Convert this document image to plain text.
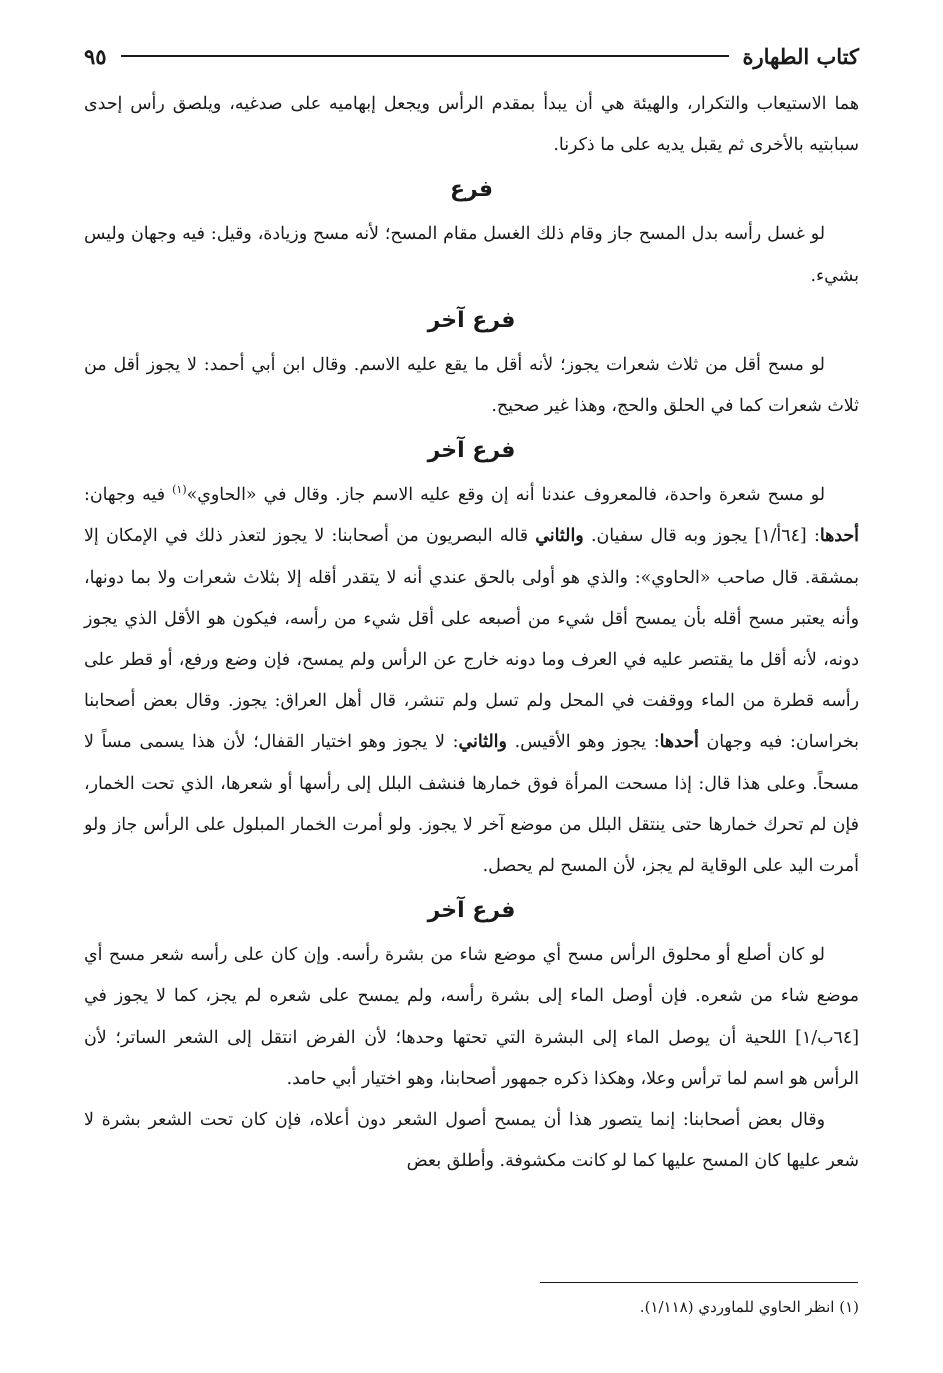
كتاب الطهارة
٩٥

هما الاستيعاب والتكرار، والهيئة هي أن يبدأ بمقدم الرأس ويجعل إبهاميه على صدغيه، ويلصق رأس إحدى سبابتيه بالأخرى ثم يقبل يديه على ما ذكرنا.

فرع

لو غسل رأسه بدل المسح جاز وقام ذلك الغسل مقام المسح؛ لأنه مسح وزيادة، وقيل: فيه وجهان وليس بشيء.

فرع آخر

لو مسح أقل من ثلاث شعرات يجوز؛ لأنه أقل ما يقع عليه الاسم. وقال ابن أبي أحمد: لا يجوز أقل من ثلاث شعرات كما في الحلق والحج، وهذا غير صحيح.

فرع آخر

لو مسح شعرة واحدة، فالمعروف عندنا أنه إن وقع عليه الاسم جاز. وقال في «الحاوي»$^{(١)}$ فيه وجهان: أحدها: [٦٤أ/١] يجوز وبه قال سفيان. والثاني قاله البصريون من أصحابنا: لا يجوز لتعذر ذلك في الإمكان إلا بمشقة. قال صاحب «الحاوي»: والذي هو أولى بالحق عندي أنه لا يتقدر أقله إلا بثلاث شعرات ولا بما دونها، وأنه يعتبر مسح أقله بأن يمسح أقل شيء من أصبعه على أقل شيء من رأسه، فيكون هو الأقل الذي يجوز دونه، لأنه أقل ما يقتصر عليه في العرف وما دونه خارج عن الرأس ولم يمسح، فإن وضع ورفع، أو قطر على رأسه قطرة من الماء ووقفت في المحل ولم تسل ولم تنشر، قال أهل العراق: يجوز. وقال بعض أصحابنا بخراسان: فيه وجهان أحدها: يجوز وهو الأقيس. والثاني: لا يجوز وهو اختيار القفال؛ لأن هذا يسمى مساً لا مسحاً. وعلى هذا قال: إذا مسحت المرأة فوق خمارها فنشف البلل إلى رأسها أو شعرها، الذي تحت الخمار، فإن لم تحرك خمارها حتى ينتقل البلل من موضع آخر لا يجوز. ولو أمرت الخمار المبلول على الرأس جاز ولو أمرت اليد على الوقاية لم يجز، لأن المسح لم يحصل.

فرع آخر

لو كان أصلع أو محلوق الرأس مسح أي موضع شاء من بشرة رأسه. وإن كان على رأسه شعر مسح أي موضع شاء من شعره. فإن أوصل الماء إلى بشرة رأسه، ولم يمسح على شعره لم يجز، كما لا يجوز في [٦٤ب/١] اللحية أن يوصل الماء إلى البشرة التي تحتها وحدها؛ لأن الفرض انتقل إلى الشعر الساتر؛ لأن الرأس هو اسم لما ترأس وعلا، وهكذا ذكره جمهور أصحابنا، وهو اختيار أبي حامد.

وقال بعض أصحابنا: إنما يتصور هذا أن يمسح أصول الشعر دون أعلاه، فإن كان تحت الشعر بشرة لا شعر عليها كان المسح عليها كما لو كانت مكشوفة. وأطلق بعض

(١) انظر الحاوي للماوردي (١/١١٨).
